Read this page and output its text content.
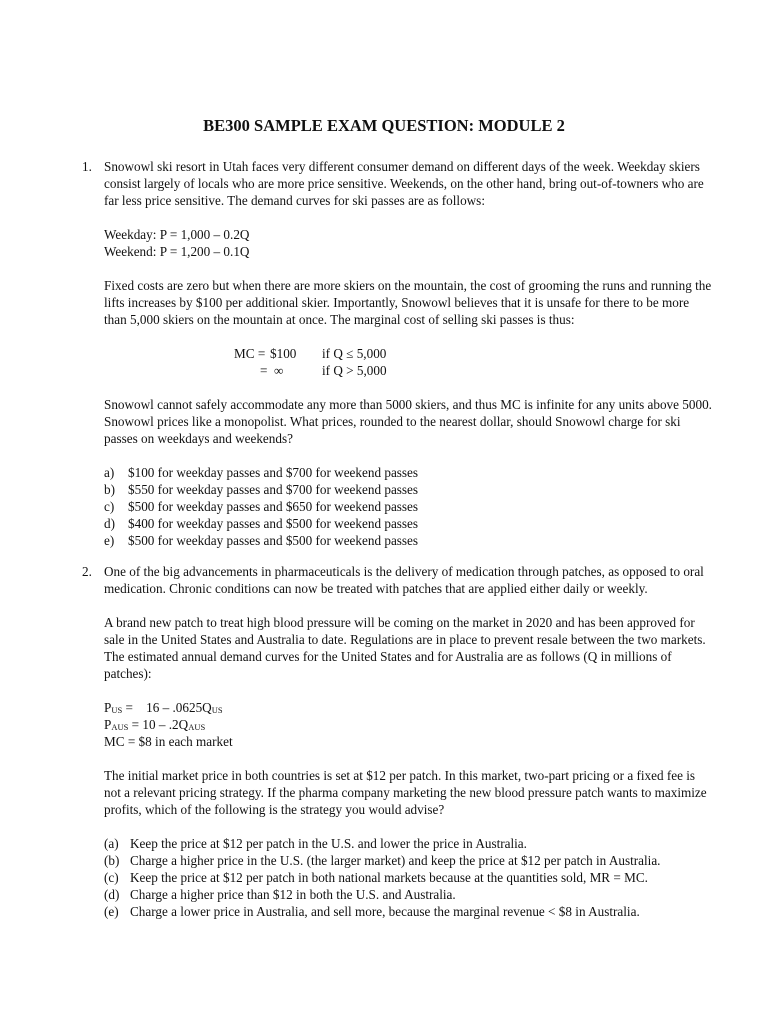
BE300 SAMPLE EXAM QUESTION: MODULE 2
1. Snowowl ski resort in Utah faces very different consumer demand on different days of the week. Weekday skiers consist largely of locals who are more price sensitive. Weekends, on the other hand, bring out-of-towners who are far less price sensitive. The demand curves for ski passes are as follows:

Weekday: P = 1,000 – 0.2Q

Weekend: P = 1,200 – 0.1Q

Fixed costs are zero but when there are more skiers on the mountain, the cost of grooming the runs and running the lifts increases by $100 per additional skier. Importantly, Snowowl believes that it is unsafe for there to be more than 5,000 skiers on the mountain at once. The marginal cost of selling ski passes is thus:

MC = $100 if Q ≤ 5,000
= ∞	if Q > 5,000

Snowowl cannot safely accommodate any more than 5000 skiers, and thus MC is infinite for any units above 5000. Snowowl prices like a monopolist. What prices, rounded to the nearest dollar, should Snowowl charge for ski passes on weekdays and weekends?

a) $100 for weekday passes and $700 for weekend passes
b) $550 for weekday passes and $700 for weekend passes
c) $500 for weekday passes and $650 for weekend passes
d) $400 for weekday passes and $500 for weekend passes
e) $500 for weekday passes and $500 for weekend passes
2. One of the big advancements in pharmaceuticals is the delivery of medication through patches, as opposed to oral medication. Chronic conditions can now be treated with patches that are applied either daily or weekly.

A brand new patch to treat high blood pressure will be coming on the market in 2020 and has been approved for sale in the United States and Australia to date. Regulations are in place to prevent resale between the two markets. The estimated annual demand curves for the United States and for Australia are as follows (Q in millions of patches):

$P_{US}$ =    $16 - .0625Q_{US}$

$P_{AUS} = 10 - .2Q_{AUS}$

MC = $8 in each market

The initial market price in both countries is set at $12 per patch. In this market, two-part pricing or a fixed fee is not a relevant pricing strategy. If the pharma company marketing the new blood pressure patch wants to maximize profits, which of the following is the strategy you would advise?

(a) Keep the price at $12 per patch in the U.S. and lower the price in Australia.
(b) Charge a higher price in the U.S. (the larger market) and keep the price at $12 per patch in Australia.
(c) Keep the price at $12 per patch in both national markets because at the quantities sold, MR = MC.
(d) Charge a higher price than $12 in both the U.S. and Australia.
(e) Charge a lower price in Australia, and sell more, because the marginal revenue < $8 in Australia.
